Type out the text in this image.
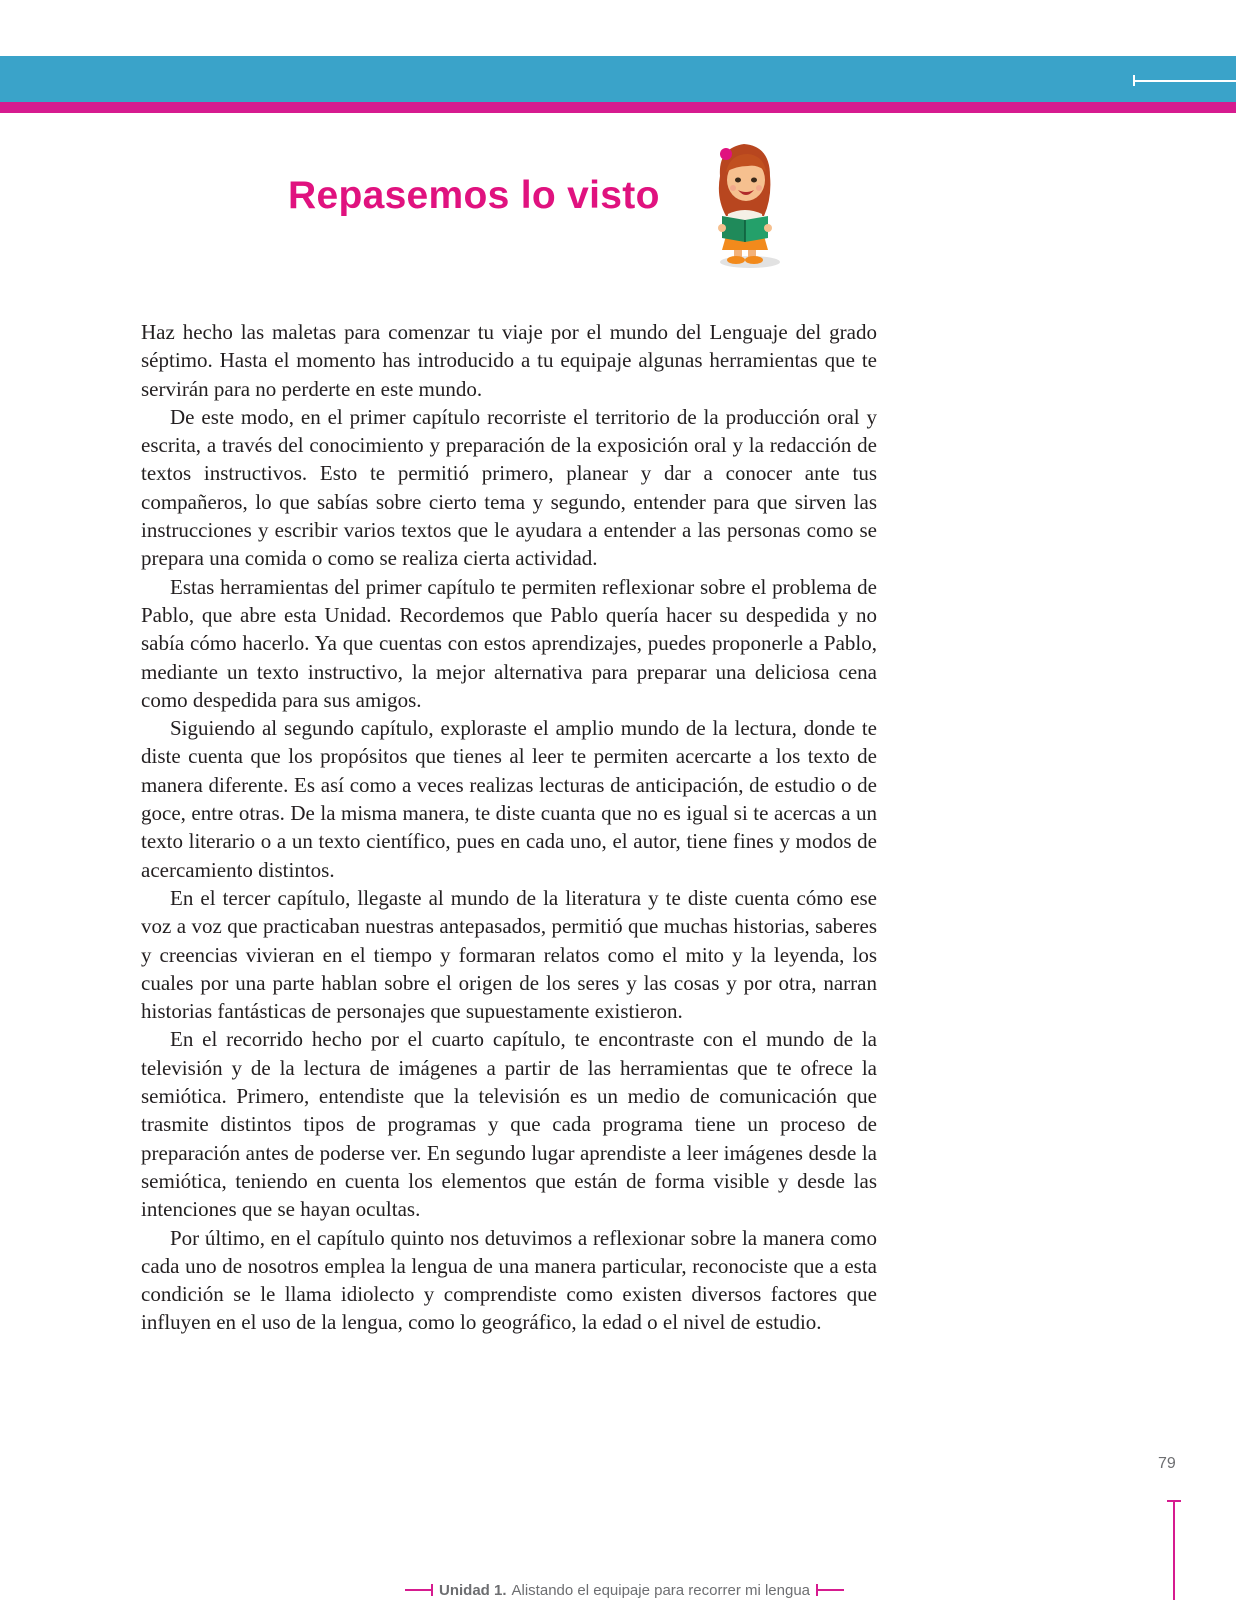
Repasemos lo visto

Haz hecho las maletas para comenzar tu viaje por el mundo del Lenguaje del grado séptimo. Hasta el momento has introducido a tu equipaje algunas herramientas que te servirán para no perderte en este mundo.

De este modo, en el primer capítulo recorriste el territorio de la producción oral y escrita, a través del conocimiento y preparación de la exposición oral y la redacción de textos instructivos. Esto te permitió primero, planear y dar a conocer ante tus compañeros, lo que sabías sobre cierto tema y segundo, entender para que sirven las instrucciones y escribir varios textos que le ayudara a entender a las personas como se prepara una comida o como se realiza cierta actividad.

Estas herramientas del primer capítulo te permiten reflexionar sobre el problema de Pablo, que abre esta Unidad. Recordemos que Pablo quería hacer su despedida y no sabía cómo hacerlo. Ya que cuentas con estos aprendizajes, puedes proponerle a Pablo, mediante un texto instructivo, la mejor alternativa para preparar una deliciosa cena como despedida para sus amigos.

Siguiendo al segundo capítulo, exploraste el amplio mundo de la lectura, donde te diste cuenta que los propósitos que tienes al leer te permiten acercarte a los texto de manera diferente. Es así como a veces realizas lecturas de anticipación, de estudio o de goce, entre otras. De la misma manera, te diste cuanta que no es igual si te acercas a un texto literario o a un texto científico, pues en cada uno, el autor, tiene fines y modos de acercamiento distintos.

En el tercer capítulo, llegaste al mundo de la literatura y te diste cuenta cómo ese voz a voz que practicaban nuestras antepasados, permitió que muchas historias, saberes y creencias vivieran en el tiempo y formaran relatos como el mito y la leyenda, los cuales por una parte hablan sobre el origen de los seres y las cosas y por otra, narran historias fantásticas de personajes que supuestamente existieron.

En el recorrido hecho por el cuarto capítulo, te encontraste con el mundo de la televisión y de la lectura de imágenes a partir de las herramientas que te ofrece la semiótica. Primero, entendiste que la televisión es un medio de comunicación que trasmite distintos tipos de programas y que cada programa tiene un proceso de preparación antes de poderse ver. En segundo lugar aprendiste a leer imágenes desde la semiótica, teniendo en cuenta los elementos que están de forma visible y desde las intenciones que se hayan ocultas.

Por último, en el capítulo quinto nos detuvimos a reflexionar sobre la manera como cada uno de nosotros emplea la lengua de una manera particular, reconociste que a esta condición se le llama idiolecto y comprendiste como existen diversos factores que influyen en el uso de la lengua, como lo geográfico, la edad o el nivel de estudio.

79
Unidad 1. Alistando el equipaje para recorrer mi lengua
